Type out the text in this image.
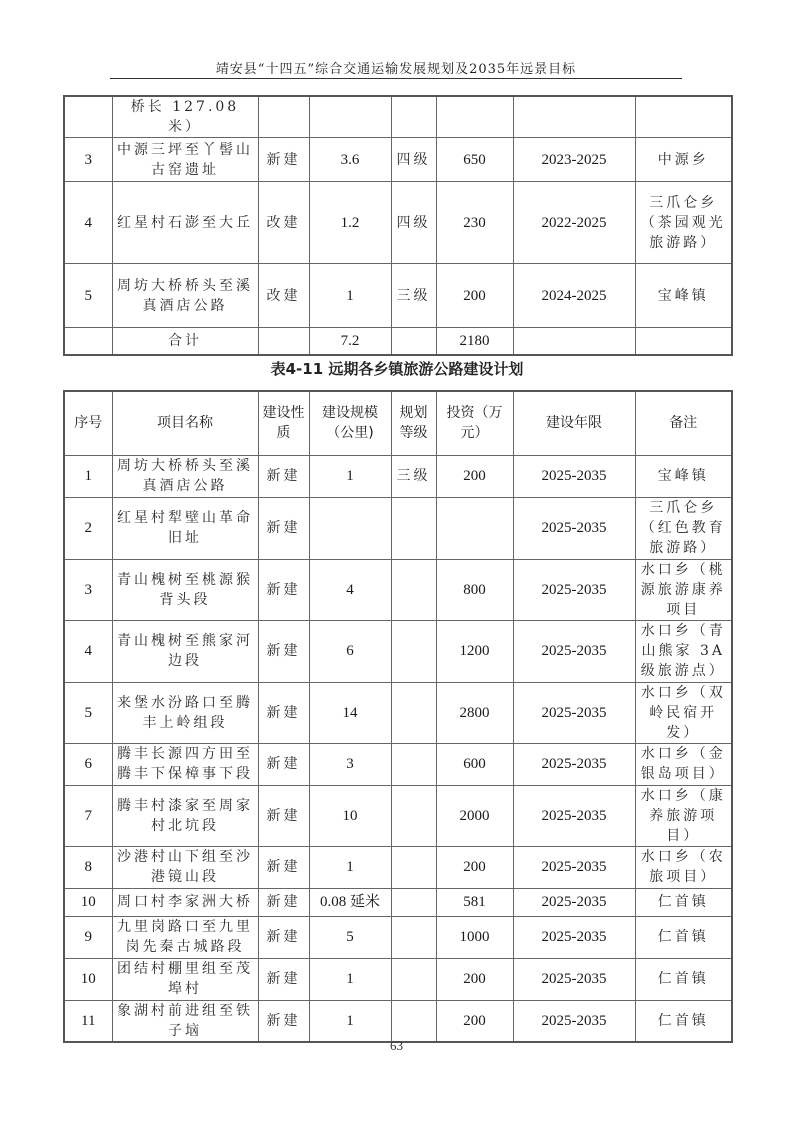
靖安县“十四五”综合交通运输发展规划及2035年远景目标
	桥长 127.08 米）						
3	中源三坪至丫髻山古窑遗址	新建	3.6	四级	650	2023-2025	中源乡
4	红星村石澎至大丘	改建	1.2	四级	230	2022-2025	三爪仑乡（茶园观光旅游路）
5	周坊大桥桥头至溪真酒店公路	改建	1	三级	200	2024-2025	宝峰镇
	合计		7.2		2180		
表4-11 远期各乡镇旅游公路建设计划
序号	项目名称	建设性质	建设规模（公里)	规划等级	投资（万元）	建设年限	备注
1	周坊大桥桥头至溪真酒店公路	新建	1	三级	200	2025-2035	宝峰镇
2	红星村犁壁山革命旧址	新建				2025-2035	三爪仑乡（红色教育旅游路）
3	青山槐树至桃源猴背头段	新建	4		800	2025-2035	水口乡（桃源旅游康养项目
4	青山槐树至熊家河边段	新建	6		1200	2025-2035	水口乡（青山熊家 3A 级旅游点）
5	来堡水汾路口至腾丰上岭组段	新建	14		2800	2025-2035	水口乡（双岭民宿开发）
6	腾丰长源四方田至腾丰下保樟事下段	新建	3		600	2025-2035	水口乡（金银岛项目）
7	腾丰村漆家至周家村北坑段	新建	10		2000	2025-2035	水口乡（康养旅游项目）
8	沙港村山下组至沙港镜山段	新建	1		200	2025-2035	水口乡（农旅项目）
10	周口村李家洲大桥	新建	0.08 延米		581	2025-2035	仁首镇
9	九里岗路口至九里岗先秦古城路段	新建	5		1000	2025-2035	仁首镇
10	团结村棚里组至茂埠村	新建	1		200	2025-2035	仁首镇
11	象湖村前进组至铁子垴	新建	1		200	2025-2035	仁首镇
63
